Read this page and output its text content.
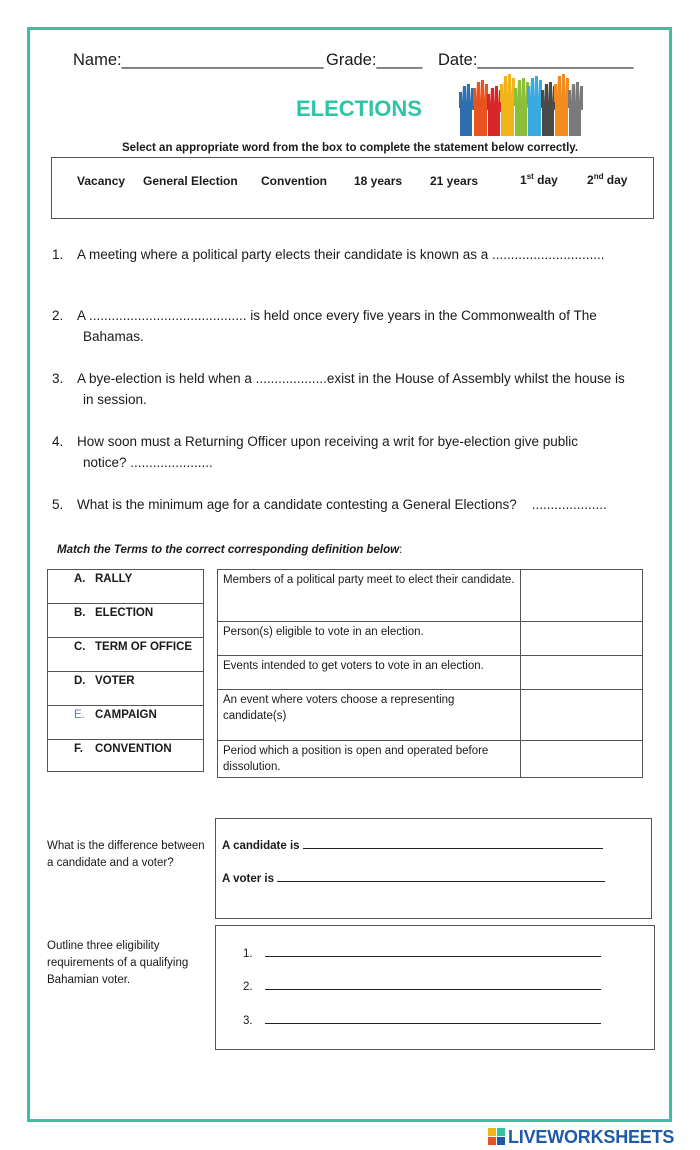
Name:______________________ Grade:_____ Date:_________________
ELECTIONS
Select an appropriate word from the box to complete the statement below correctly.
Vacancy General Election Convention 18 years 21 years	1st day 2nd day
1. A meeting where a political party elects their candidate is known as a ..............................
2. A .......................................... is held once every five years in the Commonwealth of The
Bahamas.
3. A bye-election is held when a ...................exist in the House of Assembly whilst the house is
in session.
4. How soon must a Returning Officer upon receiving a writ for bye-election give public
notice? ......................
5. What is the minimum age for a candidate contesting a General Elections?    ....................
Match the Terms to the correct corresponding definition below:
A. RALLY
B. ELECTION
C. TERM OF OFFICE
D. VOTER
E. CAMPAIGN
F. CONVENTION
Members of a political party meet to elect their candidate.	
Person(s) eligible to vote in an election.	
Events intended to get voters to vote in an election.	
An event where voters choose a representing candidate(s)	
Period which a position is open and operated before dissolution.	
What is the difference between a candidate and a voter?
A candidate is
A voter is
Outline three eligibility requirements of a qualifying Bahamian voter.
1.
2.
3.
LIVEWORKSHEETS
